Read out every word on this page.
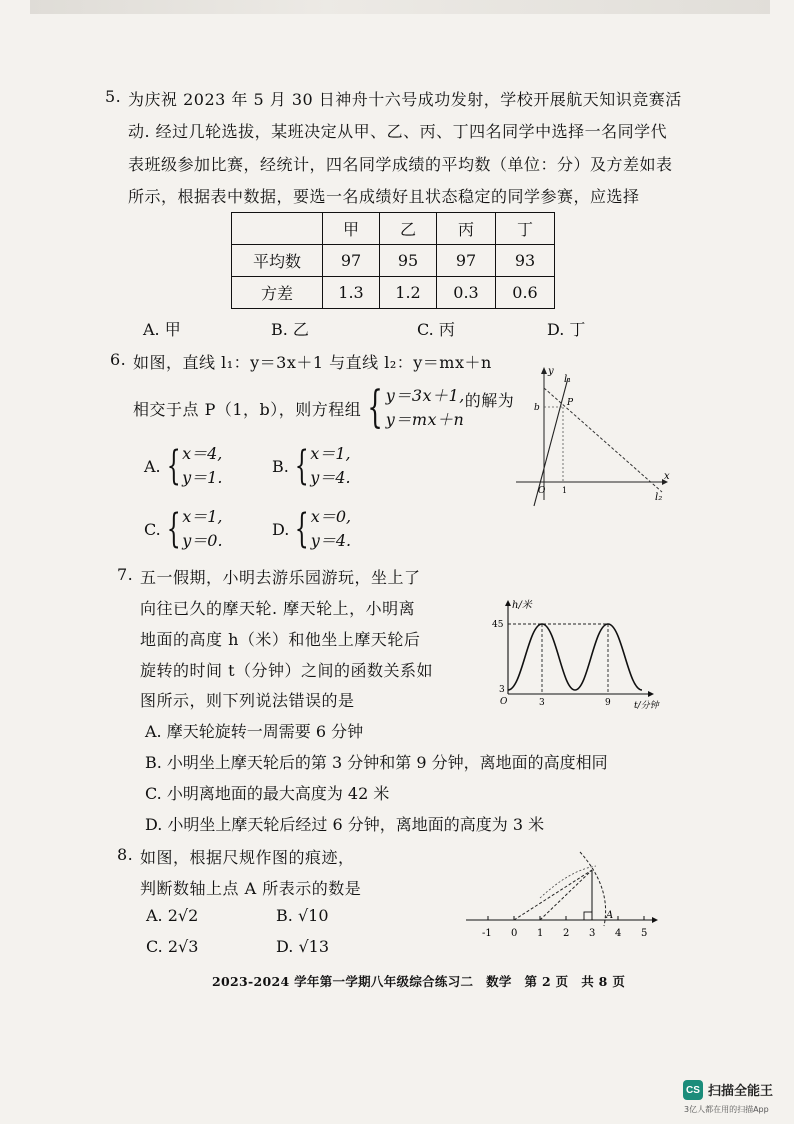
5. 为庆祝 2023 年 5 月 30 日神舟十六号成功发射，学校开展航天知识竞赛活
动. 经过几轮选拔，某班决定从甲、乙、丙、丁四名同学中选择一名同学代
表班级参加比赛，经统计，四名同学成绩的平均数（单位：分）及方差如表
所示，根据表中数据，要选一名成绩好且状态稳定的同学参赛，应选择
	甲	乙	丙	丁
平均数	97	95	97	93
方差	1.3	1.2	0.3	0.6
A. 甲	B. 乙	C. 丙	D. 丁
6. 如图，直线 l₁：y＝3x＋1 与直线 l₂：y＝mx＋n
相交于点 P（1，b），则方程组 { y＝3x＋1,
y＝mx＋n
的解为
A. { x＝4,
y＝1.
B. { x＝1,
y＝4.
C. { x＝1,
y＝0.
D. { x＝0,
y＝4.
y
l₁
b	P
O 1
x
l₂
7. 五一假期，小明去游乐园游玩，坐上了
向往已久的摩天轮. 摩天轮上，小明离
地面的高度 h（米）和他坐上摩天轮后
旋转的时间 t（分钟）之间的函数关系如
图所示，则下列说法错误的是
A. 摩天轮旋转一周需要 6 分钟
B. 小明坐上摩天轮后的第 3 分钟和第 9 分钟，离地面的高度相同
C. 小明离地面的最大高度为 42 米
D. 小明坐上摩天轮后经过 6 分钟，离地面的高度为 3 米
h/米
45
3
O	3	9	t/分钟
8. 如图，根据尺规作图的痕迹，
判断数轴上点 A 所表示的数是
A. 2√2	B. √10
C. 2√3	D. √13
-1 0 1 2 3 4 5
A
2023-2024 学年第一学期八年级综合练习二　数学　第 2 页　共 8 页
CS 扫描全能王
3亿人都在用的扫描App
